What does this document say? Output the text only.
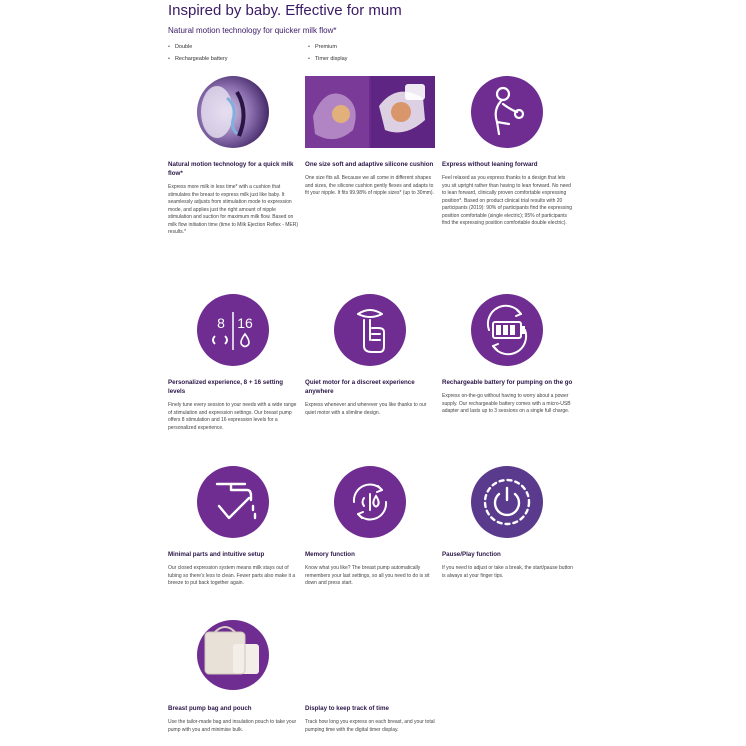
Inspired by baby. Effective for mum

Natural motion technology for quicker milk flow*

• Double
• Rechargeable battery
• Premium
• Timer display
Natural motion technology for a quick milk flow*

Express more milk in less time* with a cushion that stimulates the breast to express milk just like baby. It seamlessly adjusts from stimulation mode to expression mode, and applies just the right amount of nipple stimulation and suction for maximum milk flow. Based on milk flow initiation time (time to Milk Ejection Reflex - MER) results.*

One size soft and adaptive silicone cushion

One size fits all. Because we all come in different shapes and sizes, the silicone cushion gently flexes and adapts to fit your nipple. It fits 99.98% of nipple sizes* (up to 30mm).

Express without leaning forward

Feel relaxed as you express thanks to a design that lets you sit upright rather than having to lean forward. No need to lean forward, clinically proven comfortable expressing position*. Based on product clinical trial results with 20 participants (2019): 90% of participants find the expressing position comfortable (single electric); 95% of participants find the expressing position comfortable double electric).

8 16
Personalized experience, 8 + 16 setting levels

Finely tune every session to your needs with a wide range of stimulation and expression settings. Our breast pump offers 8 stimulation and 16 expression levels for a personalized experience.

Quiet motor for a discreet experience anywhere

Express whenever and wherever you like thanks to our quiet motor with a slimline design.

Rechargeable battery for pumping on the go

Express on-the-go without having to worry about a power supply. Our rechargeable battery comes with a micro-USB adapter and lasts up to 3 sessions on a single full charge.

Minimal parts and intuitive setup

Our closed expression system means milk stays out of tubing so there's less to clean. Fewer parts also make it a breeze to put back together again.

Memory function

Know what you like? The breast pump automatically remembers your last settings, so all you need to do is sit down and press start.

Pause/Play function

If you need to adjust or take a break, the start/pause button is always at your finger tips.

Breast pump bag and pouch

Use the tailor-made bag and insulation pouch to take your pump with you and minimise bulk.

Display to keep track of time

Track how long you express on each breast, and your total pumping time with the digital timer display.
